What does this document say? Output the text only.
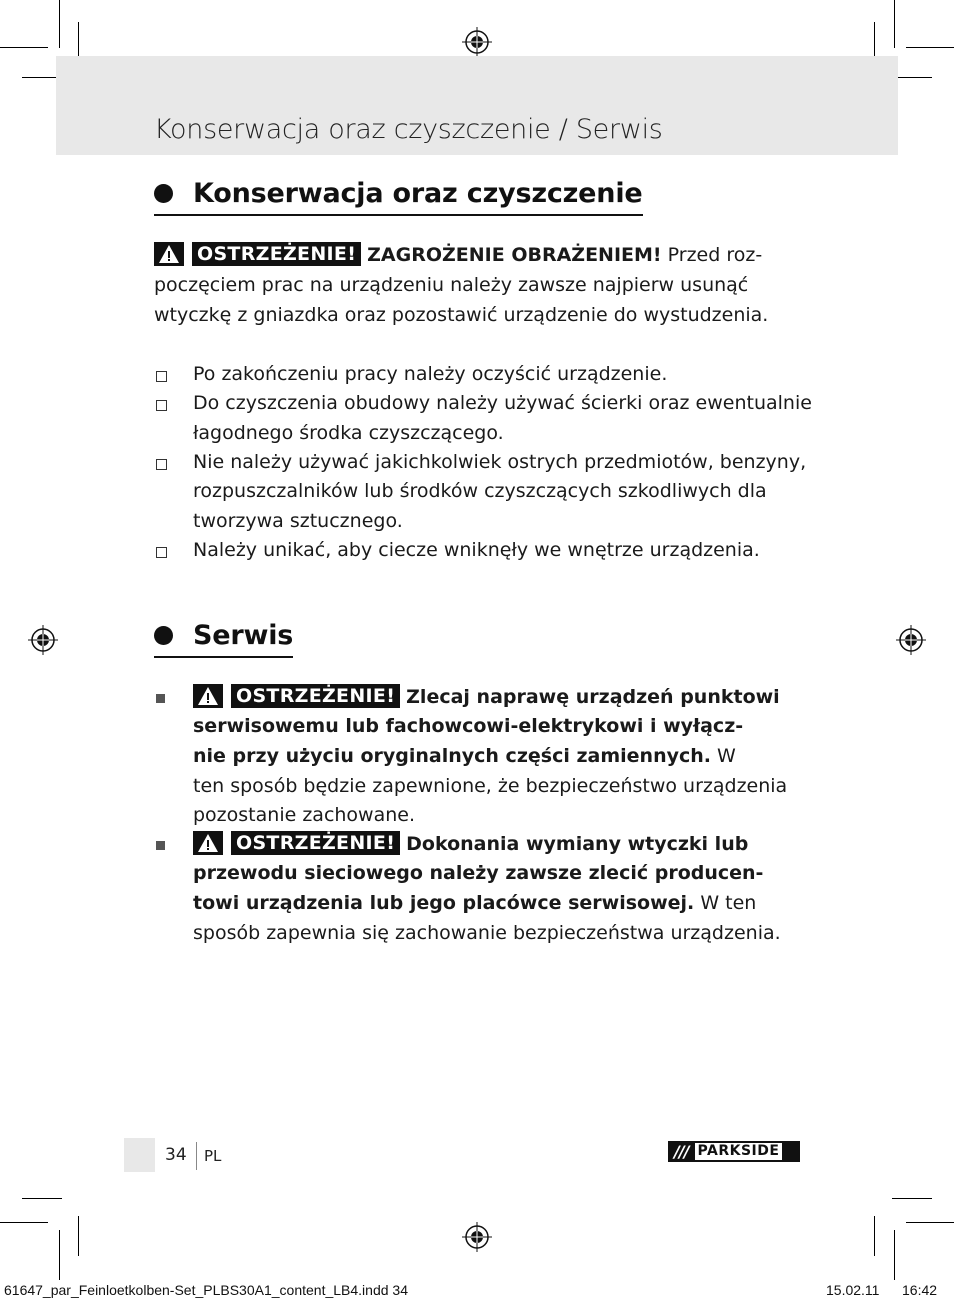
Konserwacja oraz czyszczenie / Serwis
Konserwacja oraz czyszczenie
OSTRZEŻENIE! ZAGROŻENIE OBRAŻENIEM! Przed roz-
poczęciem prac na urządzeniu należy zawsze najpierw usunąć
wtyczkę z gniazdka oraz pozostawić urządzenie do wystudzenia.
Po zakończeniu pracy należy oczyścić urządzenie.
Do czyszczenia obudowy należy używać ścierki oraz ewentualnie
łagodnego środka czyszczącego.
Nie należy używać jakichkolwiek ostrych przedmiotów, benzyny,
rozpuszczalników lub środków czyszczących szkodliwych dla
tworzywa sztucznego.
Należy unikać, aby ciecze wniknęły we wnętrze urządzenia.
Serwis
OSTRZEŻENIE! Zlecaj naprawę urządzeń punktowi
serwisowemu lub fachowcowi-elektrykowi i wyłącz-
nie przy użyciu oryginalnych części zamiennych. W
ten sposób będzie zapewnione, że bezpieczeństwo urządzenia
pozostanie zachowane.
OSTRZEŻENIE! Dokonania wymiany wtyczki lub
przewodu sieciowego należy zawsze zlecić producen-
towi urządzenia lub jego placówce serwisowej. W ten
sposób zapewnia się zachowanie bezpieczeństwa urządzenia.
34 PL	/// PARKSIDE
61647_par_Feinloetkolben-Set_PLBS30A1_content_LB4.indd 34	15.02.11 16:42
